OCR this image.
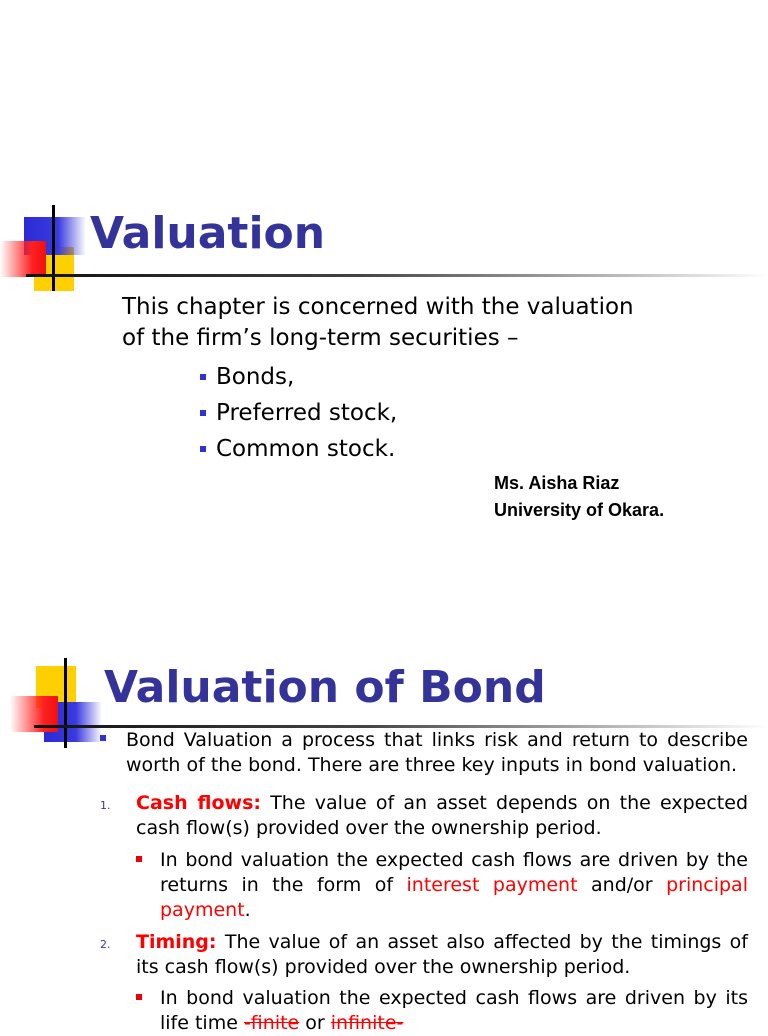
Valuation
This chapter is concerned with the valuation
of the firm’s long-term securities –
Bonds,
Preferred stock,
Common stock.
Ms. Aisha Riaz
University of Okara.
Valuation of Bond

Bond Valuation a process that links risk and return to describe worth of the bond. There are three key inputs in bond valuation.

1. Cash flows: The value of an asset depends on the expected cash flow(s) provided over the ownership period.

In bond valuation the expected cash flows are driven by the returns in the form of interest payment and/or principal payment.

2. Timing: The value of an asset also affected by the timings of its cash flow(s) provided over the ownership period.

In bond valuation the expected cash flows are driven by its life time -finite or infinite-
